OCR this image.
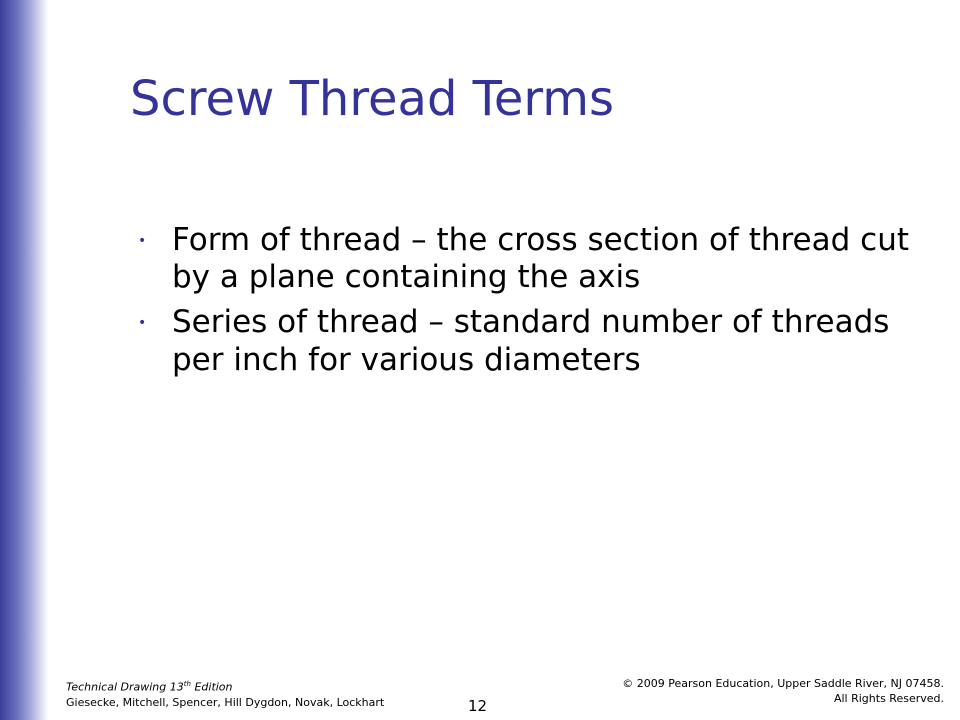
Screw Thread Terms
• Form of thread – the cross section of thread cut by a plane containing the axis
• Series of thread – standard number of threads per inch for various diameters
Technical Drawing 13th Edition
Giesecke, Mitchell, Spencer, Hill Dygdon, Novak, Lockhart	12
© 2009 Pearson Education, Upper Saddle River, NJ 07458.
All Rights Reserved.
